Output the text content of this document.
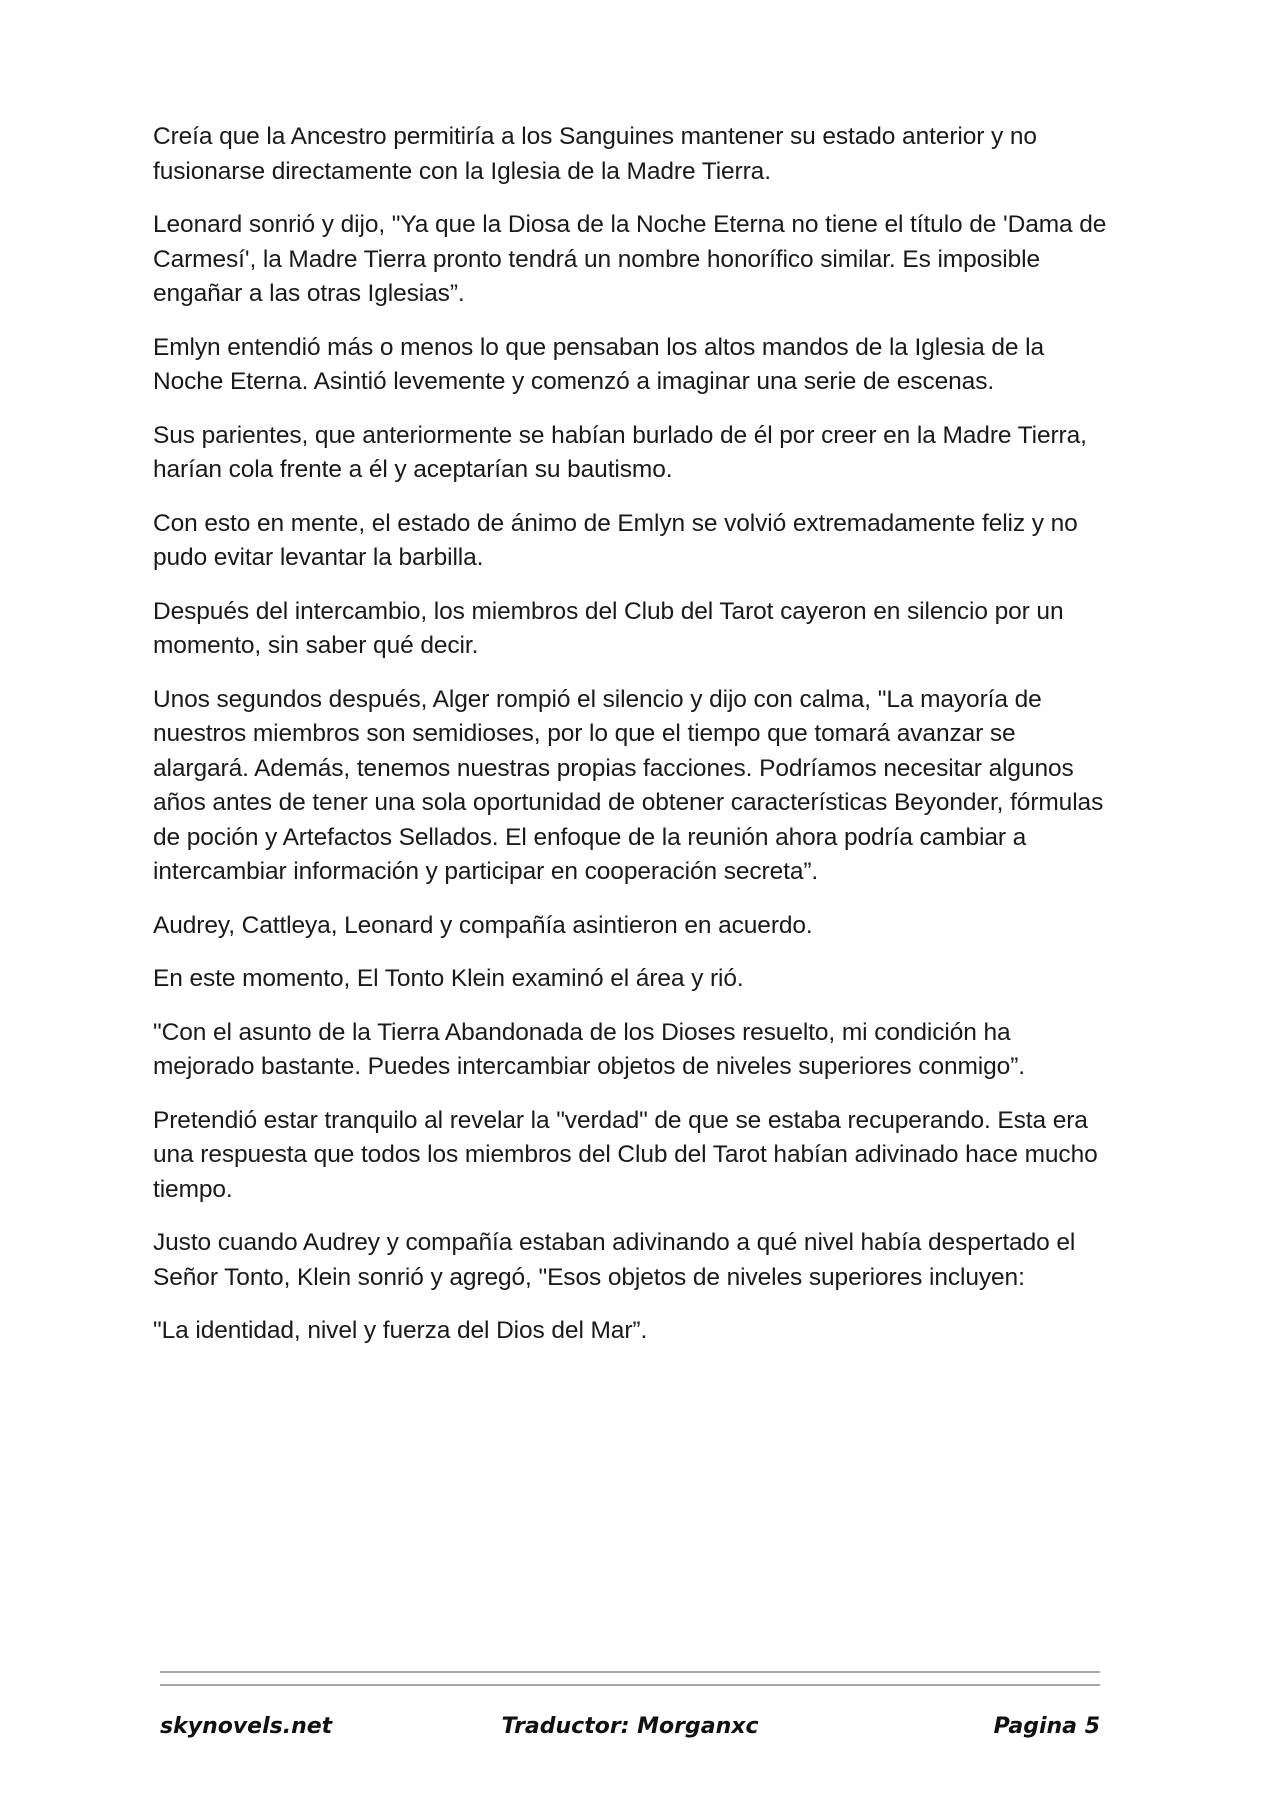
Creía que la Ancestro permitiría a los Sanguines mantener su estado anterior y no fusionarse directamente con la Iglesia de la Madre Tierra.

Leonard sonrió y dijo, "Ya que la Diosa de la Noche Eterna no tiene el título de 'Dama de Carmesí', la Madre Tierra pronto tendrá un nombre honorífico similar. Es imposible engañar a las otras Iglesias”.

Emlyn entendió más o menos lo que pensaban los altos mandos de la Iglesia de la Noche Eterna. Asintió levemente y comenzó a imaginar una serie de escenas.

Sus parientes, que anteriormente se habían burlado de él por creer en la Madre Tierra, harían cola frente a él y aceptarían su bautismo.

Con esto en mente, el estado de ánimo de Emlyn se volvió extremadamente feliz y no pudo evitar levantar la barbilla.

Después del intercambio, los miembros del Club del Tarot cayeron en silencio por un momento, sin saber qué decir.

Unos segundos después, Alger rompió el silencio y dijo con calma, "La mayoría de nuestros miembros son semidioses, por lo que el tiempo que tomará avanzar se alargará. Además, tenemos nuestras propias facciones. Podríamos necesitar algunos años antes de tener una sola oportunidad de obtener características Beyonder, fórmulas de poción y Artefactos Sellados. El enfoque de la reunión ahora podría cambiar a intercambiar información y participar en cooperación secreta”.

Audrey, Cattleya, Leonard y compañía asintieron en acuerdo.

En este momento, El Tonto Klein examinó el área y rió.

"Con el asunto de la Tierra Abandonada de los Dioses resuelto, mi condición ha mejorado bastante. Puedes intercambiar objetos de niveles superiores conmigo”.

Pretendió estar tranquilo al revelar la "verdad" de que se estaba recuperando. Esta era una respuesta que todos los miembros del Club del Tarot habían adivinado hace mucho tiempo.

Justo cuando Audrey y compañía estaban adivinando a qué nivel había despertado el Señor Tonto, Klein sonrió y agregó, "Esos objetos de niveles superiores incluyen:

"La identidad, nivel y fuerza del Dios del Mar”.

skynovels.net	Traductor: Morganxc	Pagina 5
